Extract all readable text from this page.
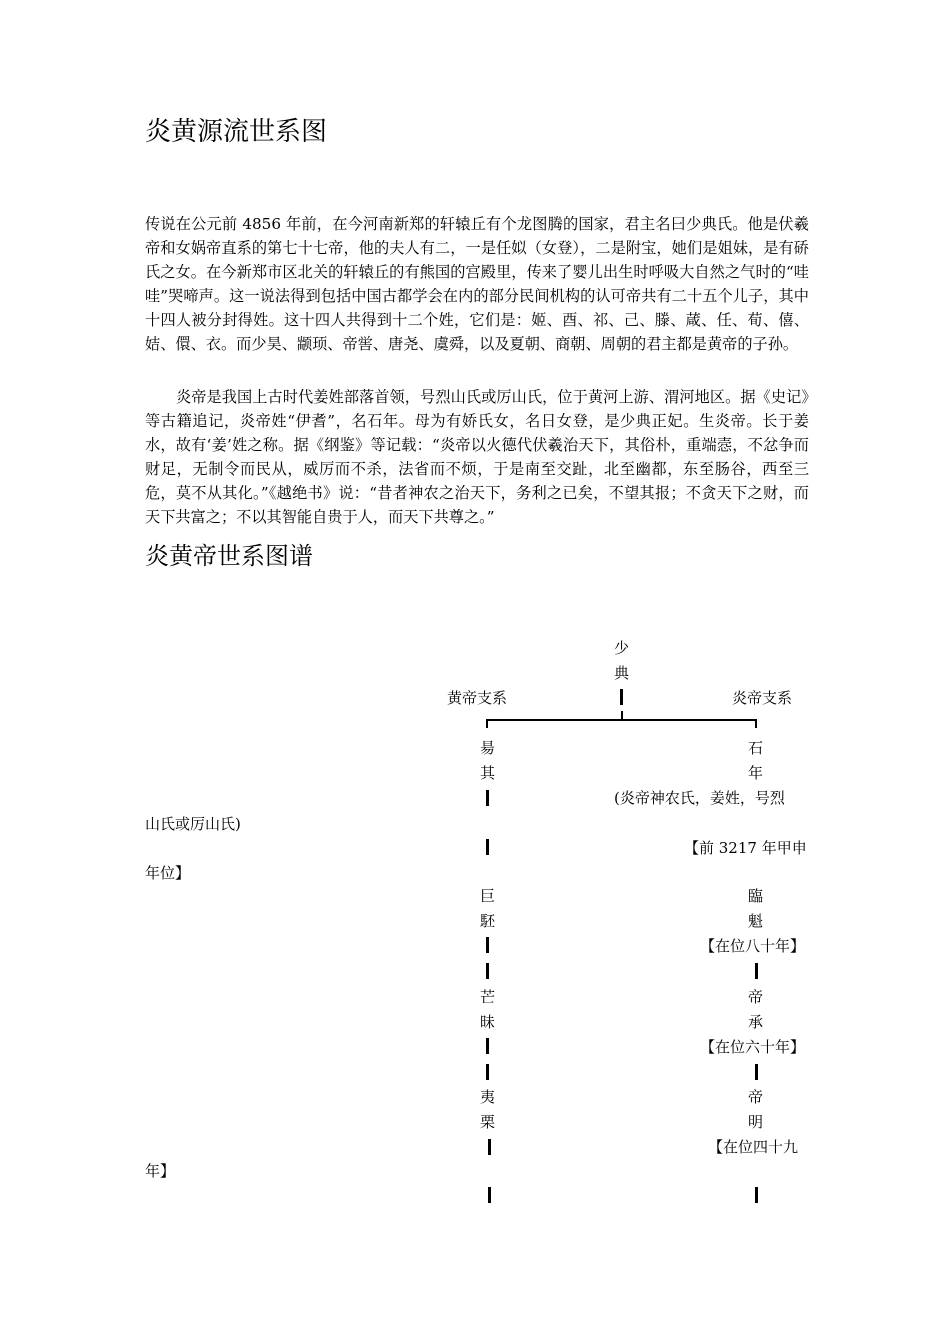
炎黄源流世系图

传说在公元前 4856 年前，在今河南新郑的轩辕丘有个龙图腾的国家，君主名曰少典氏。他是伏羲帝和女娲帝直系的第七十七帝，他的夫人有二，一是任姒（女登），二是附宝，她们是姐妹，是有硚氏之女。在今新郑市区北关的轩辕丘的有熊国的宫殿里，传来了婴儿出生时呼吸大自然之气时的“哇哇”哭啼声。这一说法得到包括中国古都学会在内的部分民间机构的认可帝共有二十五个儿子，其中十四人被分封得姓。这十四人共得到十二个姓，它们是：姬、酉、祁、己、滕、葴、任、荀、僖、姞、儇、衣。而少昊、颛顼、帝喾、唐尧、虞舜，以及夏朝、商朝、周朝的君主都是黄帝的子孙。

炎帝是我国上古时代姜姓部落首领，号烈山氏或厉山氏，位于黄河上游、渭河地区。据《史记》等古籍追记，炎帝姓“伊耆”，名石年。母为有娇氏女，名日女登，是少典正妃。生炎帝。长于姜水，故有‘姜’姓之称。据《纲鉴》等记载：“炎帝以火德代伏羲治天下，其俗朴，重端悫，不忿争而财足，无制令而民从，威厉而不杀，法省而不烦，于是南至交趾，北至幽都，东至肠谷，西至三危，莫不从其化。”《越绝书》说：“昔者神农之治天下，务利之已矣，不望其报；不贪天下之财，而天下共富之；不以其智能自贵于人，而天下共尊之。”

炎黄帝世系图谱
少
典
黄帝支系	炎帝支系
昜
其
巨
駓
芒
昧
夷
栗
石
年
(炎帝神农氏，姜姓，号烈
山氏或厉山氏)
【前 3217 年甲申
年位】
臨
魁
【在位八十年】
帝
承
【在位六十年】
帝
明
【在位四十九
年】
